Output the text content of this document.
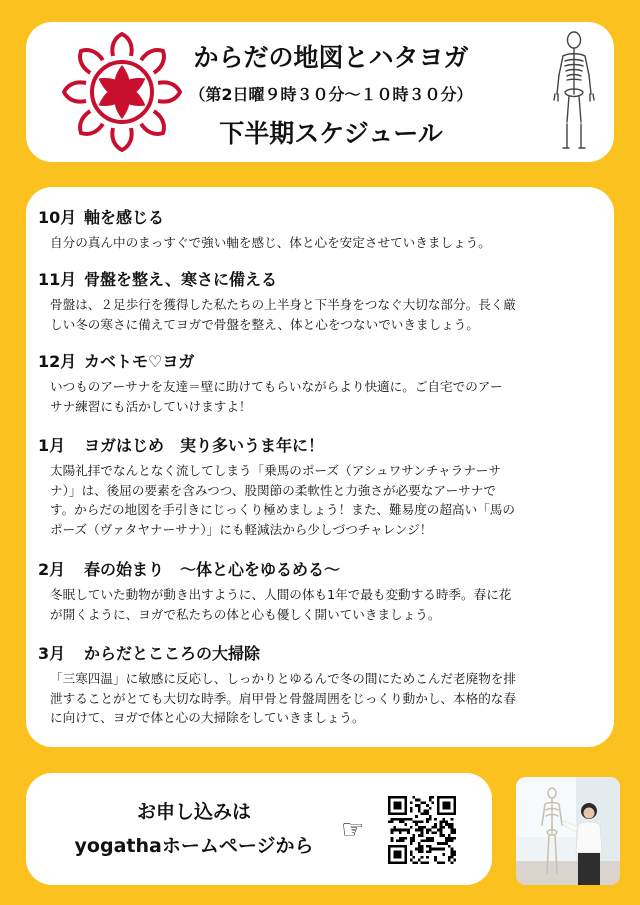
からだの地図とハタヨガ
（第2日曜９時３０分～１０時３０分）
下半期スケジュール
10月 軸を感じる
自分の真ん中のまっすぐで強い軸を感じ、体と心を安定させていきましょう。
11月 骨盤を整え、寒さに備える
骨盤は、２足歩行を獲得した私たちの上半身と下半身をつなぐ大切な部分。長く厳
しい冬の寒さに備えてヨガで骨盤を整え、体と心をつないでいきましょう。
12月 カベトモ♡ヨガ
いつものアーサナを友達＝壁に助けてもらいながらより快適に。ご自宅でのアー
サナ練習にも活かしていけますよ！
1月 ヨガはじめ　実り多いうま年に！
太陽礼拝でなんとなく流してしまう「乗馬のポーズ（アシュワサンチャラナーサ
ナ）」は、後屈の要素を含みつつ、股関節の柔軟性と力強さが必要なアーサナで
す。からだの地図を手引きにじっくり極めましょう！また、難易度の超高い「馬の
ポーズ（ヴァタヤナーサナ）」にも軽減法から少しづつチャレンジ！
2月 春の始まり　～体と心をゆるめる～
冬眠していた動物が動き出すように、人間の体も1年で最も変動する時季。春に花
が開くように、ヨガで私たちの体と心も優しく開いていきましょう。
3月 からだとこころの大掃除
「三寒四温」に敏感に反応し、しっかりとゆるんで冬の間にためこんだ老廃物を排
泄することがとても大切な時季。肩甲骨と骨盤周囲をじっくり動かし、本格的な春
に向けて、ヨガで体と心の大掃除をしていきましょう。
お申し込みは
yogathaホームページから
☞
